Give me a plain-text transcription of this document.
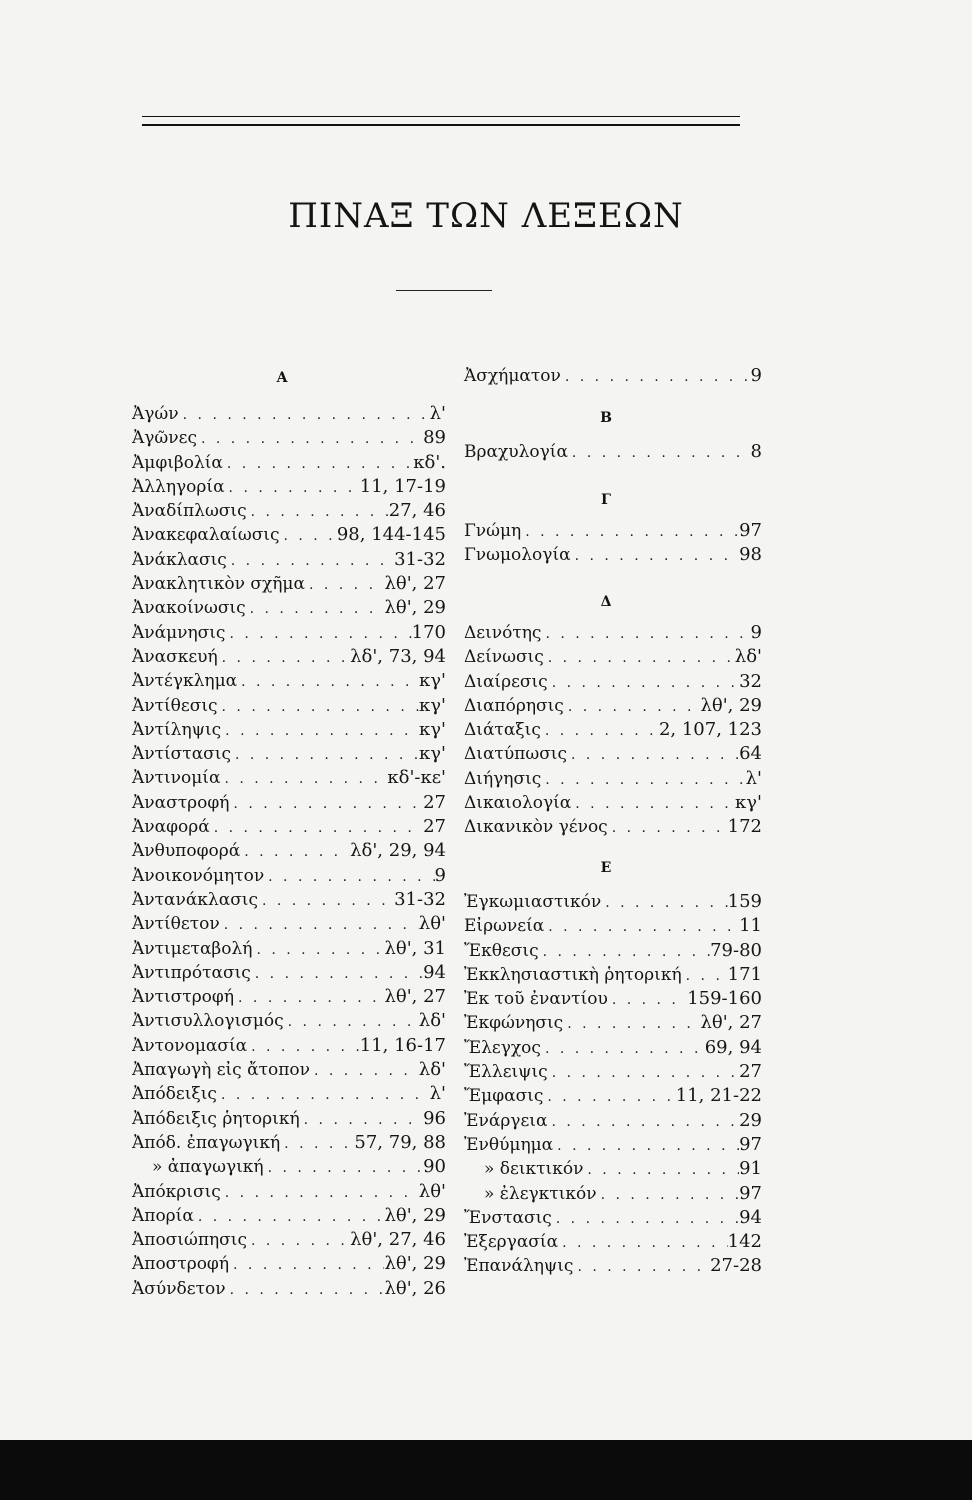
ΠΙΝΑΞ ΤΩΝ ΛΕΞΕΩΝ
A
Ἀγών . . .	λ'
Ἀγῶνες . . .	89
Ἀμφιβολία . . .	κδ'.
Ἀλληγορία . . .	11, 17-19
Ἀναδίπλωσις . . .	27, 46
Ἀνακεφαλαίωσις . . .	98, 144-145
Ἀνάκλασις . . .	31-32
Ἀνακλητικὸν σχῆμα . . .	λθ', 27
Ἀνακοίνωσις . . .	λθ', 29
Ἀνάμνησις . . .	170
Ἀνασκευή . . .	λδ', 73, 94
Ἀντέγκλημα . . .	κγ'
Ἀντίθεσις . . .	κγ'
Ἀντίληψις . . .	κγ'
Ἀντίστασις . . .	κγ'
Ἀντινομία . . .	κδ'-κε'
Ἀναστροφή . . .	27
Ἀναφορά . . .	27
Ἀνθυποφορά . . .	λδ', 29, 94
Ἀνοικονόμητον . . .	9
Ἀντανάκλασις . . .	31-32
Ἀντίθετον . . .	λθ'
Ἀντιμεταβολή . . .	λθ', 31
Ἀντιπρότασις . . .	94
Ἀντιστροφή . . .	λθ', 27
Ἀντισυλλογισμός . . .	λδ'
Ἀντονομασία . . .	11, 16-17
Ἀπαγωγὴ εἰς ἄτοπον . . .	λδ'
Ἀπόδειξις . . .	λ'
Ἀπόδειξις ῥητορική . . .	96
Ἀπόδ. ἐπαγωγική . . .	57, 79, 88
» ἀπαγωγική . . .	90
Ἀπόκρισις . . .	λθ'
Ἀπορία . . .	λθ', 29
Ἀποσιώπησις . . .	λθ', 27, 46
Ἀποστροφή . . .	λθ', 29
Ἀσύνδετον . . .	λθ', 26
Ἀσχήματον . . .	9
Β
Βραχυλογία . . .	8
Γ
Γνώμη . . .	97
Γνωμολογία . . .	98
Δ
Δεινότης . . .	9
Δείνωσις . . .	λδ'
Διαίρεσις . . .	32
Διαπόρησις . . .	λθ', 29
Διάταξις . . .	2, 107, 123
Διατύπωσις . . .	64
Διήγησις . . .	λ'
Δικαιολογία . . .	κγ'
Δικανικὸν γένος . . .	172
Ε
Ἐγκωμιαστικόν . . .	159
Εἰρωνεία . . .	11
Ἔκθεσις . . .	79-80
Ἐκκλησιαστικὴ ῥητορική . . .	171
Ἐκ τοῦ ἐναντίου . . .	159-160
Ἐκφώνησις . . .	λθ', 27
Ἔλεγχος . . .	69, 94
Ἔλλειψις . . .	27
Ἔμφασις . . .	11, 21-22
Ἐνάργεια . . .	29
Ἐνθύμημα . . .	97
» δεικτικόν . . .	91
» ἐλεγκτικόν . . .	97
Ἔνστασις . . .	94
Ἐξεργασία . . .	142
Ἐπανάληψις . . .	27-28
